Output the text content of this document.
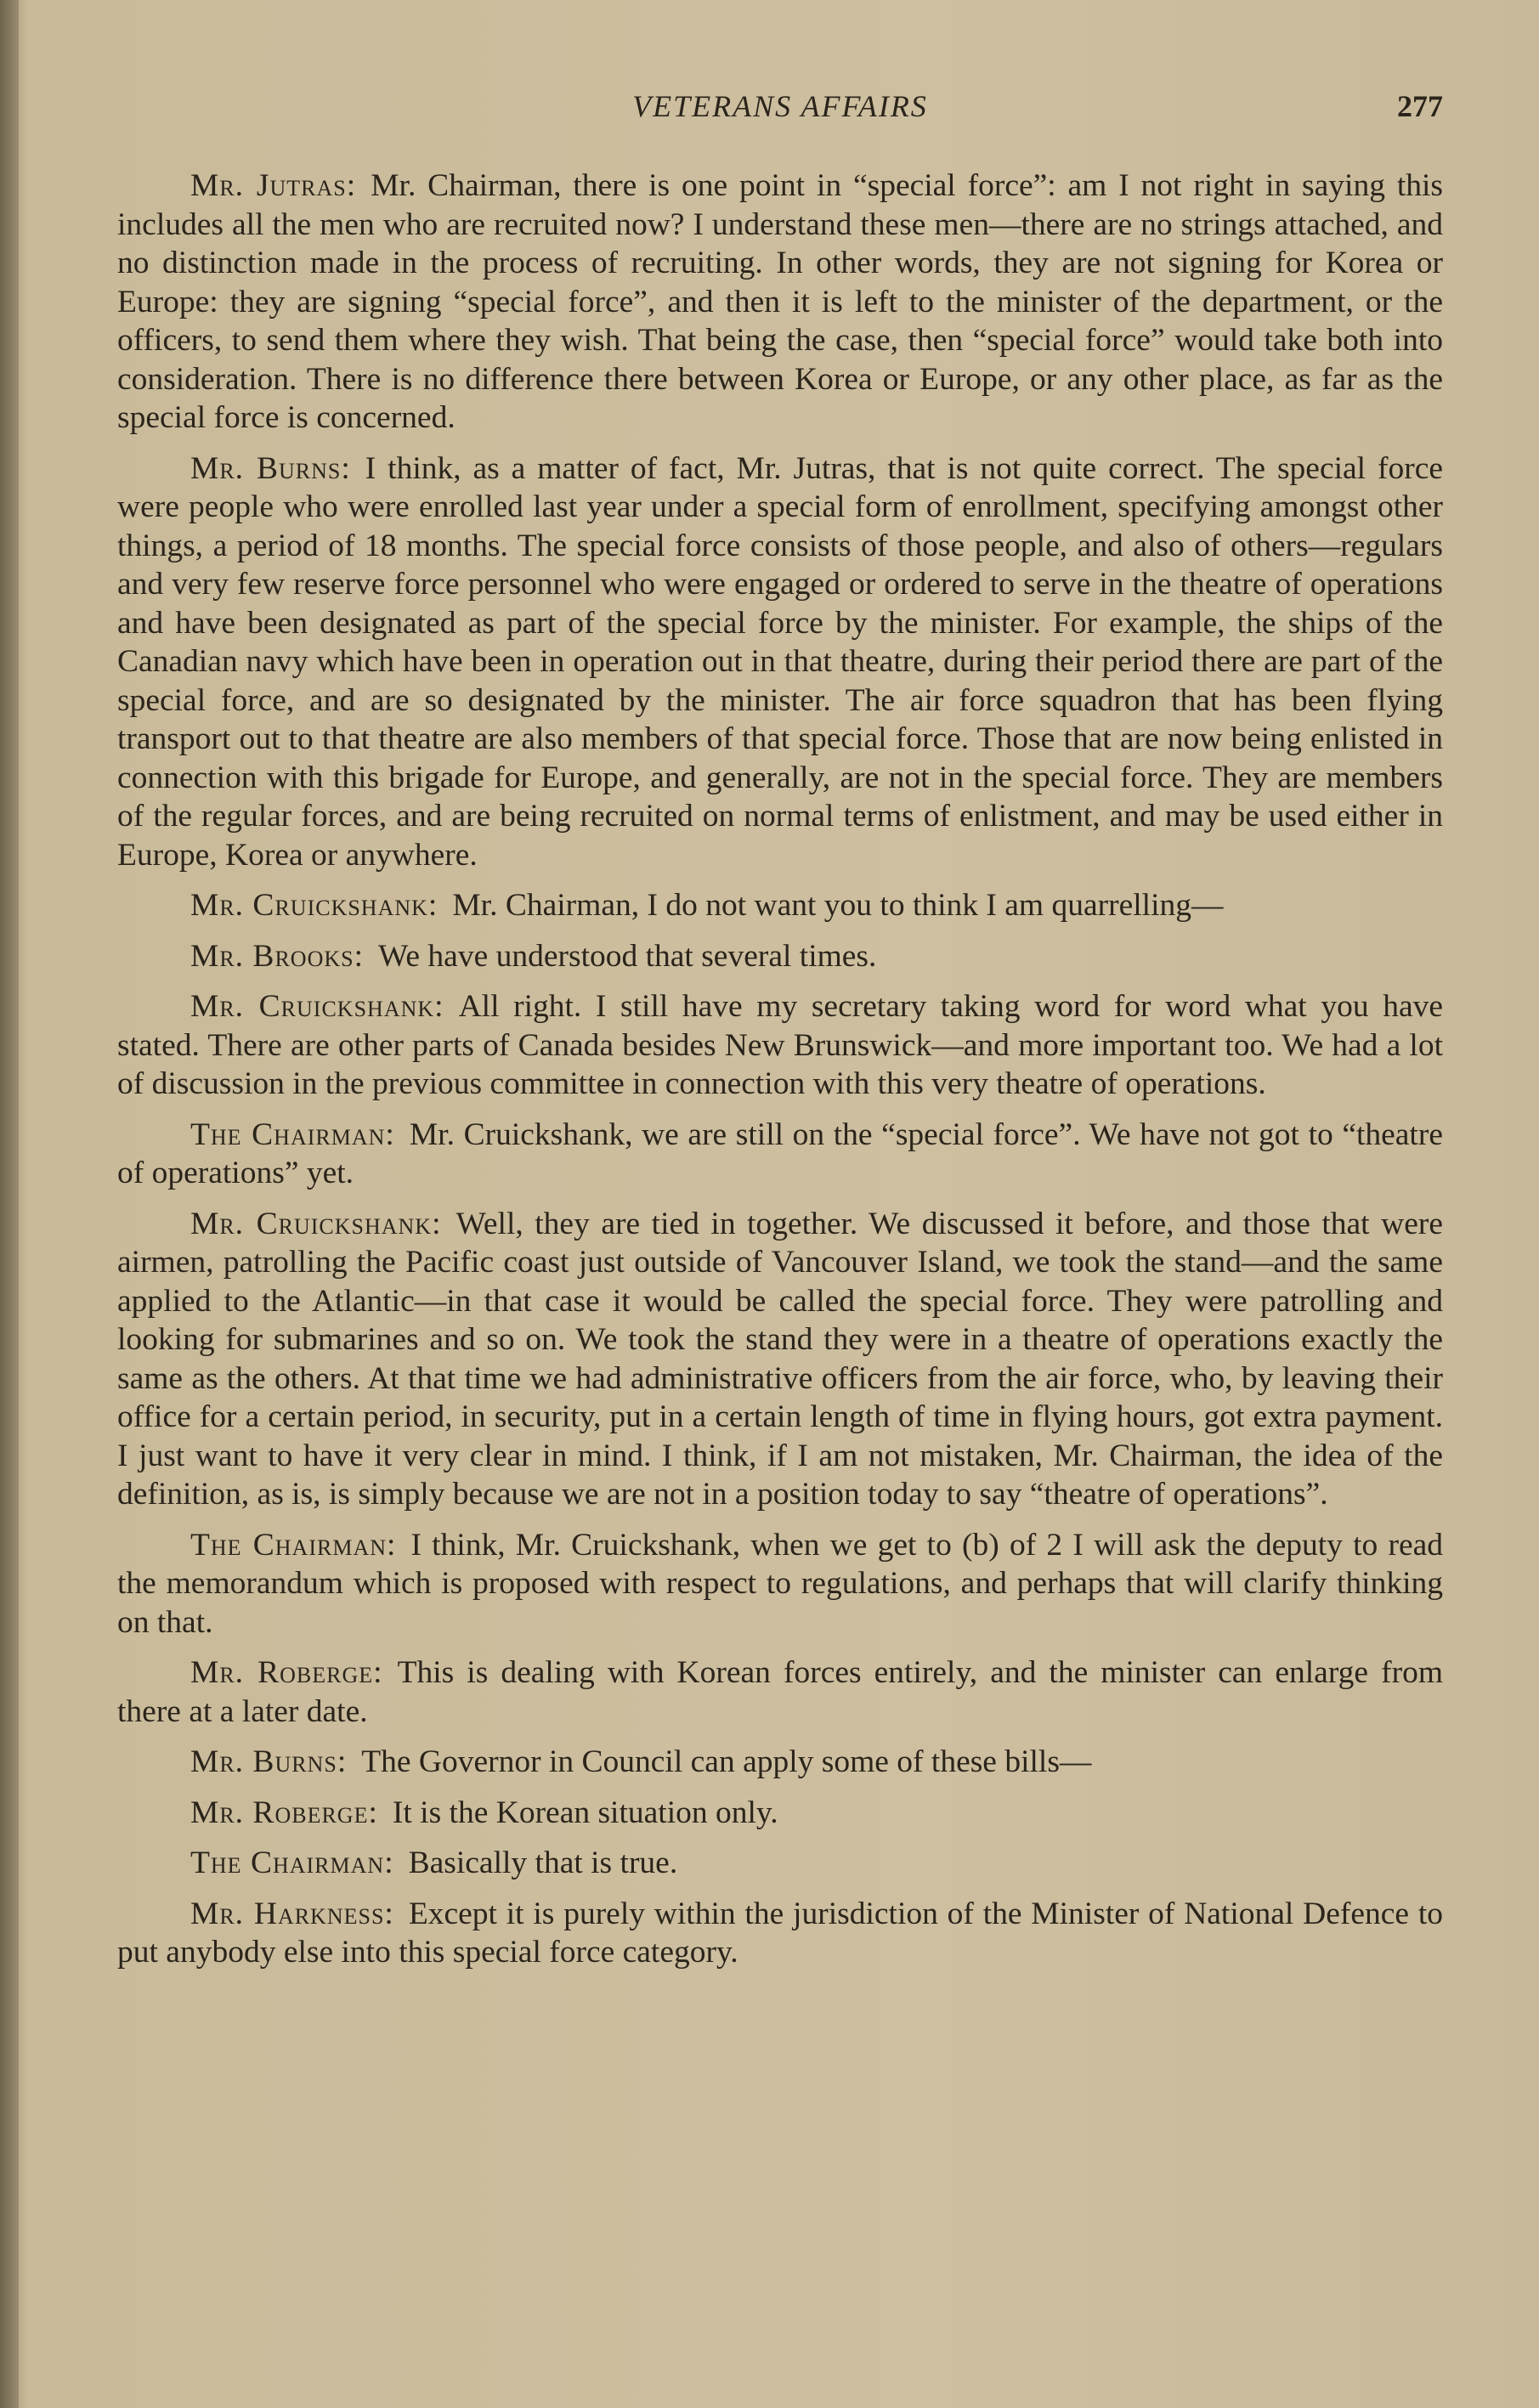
VETERANS AFFAIRS	277

Mr. Jutras: Mr. Chairman, there is one point in “special force”: am I not right in saying this includes all the men who are recruited now? I understand these men—there are no strings attached, and no distinction made in the process of recruiting. In other words, they are not signing for Korea or Europe: they are signing “special force”, and then it is left to the minister of the department, or the officers, to send them where they wish. That being the case, then “special force” would take both into consideration. There is no difference there between Korea or Europe, or any other place, as far as the special force is concerned.

Mr. Burns: I think, as a matter of fact, Mr. Jutras, that is not quite correct. The special force were people who were enrolled last year under a special form of enrollment, specifying amongst other things, a period of 18 months. The special force consists of those people, and also of others—regulars and very few reserve force personnel who were engaged or ordered to serve in the theatre of operations and have been designated as part of the special force by the minister. For example, the ships of the Canadian navy which have been in operation out in that theatre, during their period there are part of the special force, and are so designated by the minister. The air force squadron that has been flying transport out to that theatre are also members of that special force. Those that are now being enlisted in connection with this brigade for Europe, and generally, are not in the special force. They are members of the regular forces, and are being recruited on normal terms of enlistment, and may be used either in Europe, Korea or anywhere.

Mr. Cruickshank: Mr. Chairman, I do not want you to think I am quarrelling—

Mr. Brooks: We have understood that several times.

Mr. Cruickshank: All right. I still have my secretary taking word for word what you have stated. There are other parts of Canada besides New Brunswick—and more important too. We had a lot of discussion in the previous committee in connection with this very theatre of operations.

The Chairman: Mr. Cruickshank, we are still on the “special force”. We have not got to “theatre of operations” yet.

Mr. Cruickshank: Well, they are tied in together. We discussed it before, and those that were airmen, patrolling the Pacific coast just outside of Vancouver Island, we took the stand—and the same applied to the Atlantic—in that case it would be called the special force. They were patrolling and looking for submarines and so on. We took the stand they were in a theatre of operations exactly the same as the others. At that time we had administrative officers from the air force, who, by leaving their office for a certain period, in security, put in a certain length of time in flying hours, got extra payment. I just want to have it very clear in mind. I think, if I am not mistaken, Mr. Chairman, the idea of the definition, as is, is simply because we are not in a position today to say “theatre of operations”.

The Chairman: I think, Mr. Cruickshank, when we get to (b) of 2 I will ask the deputy to read the memorandum which is proposed with respect to regulations, and perhaps that will clarify thinking on that.

Mr. Roberge: This is dealing with Korean forces entirely, and the minister can enlarge from there at a later date.

Mr. Burns: The Governor in Council can apply some of these bills—

Mr. Roberge: It is the Korean situation only.

The Chairman: Basically that is true.

Mr. Harkness: Except it is purely within the jurisdiction of the Minister of National Defence to put anybody else into this special force category.
